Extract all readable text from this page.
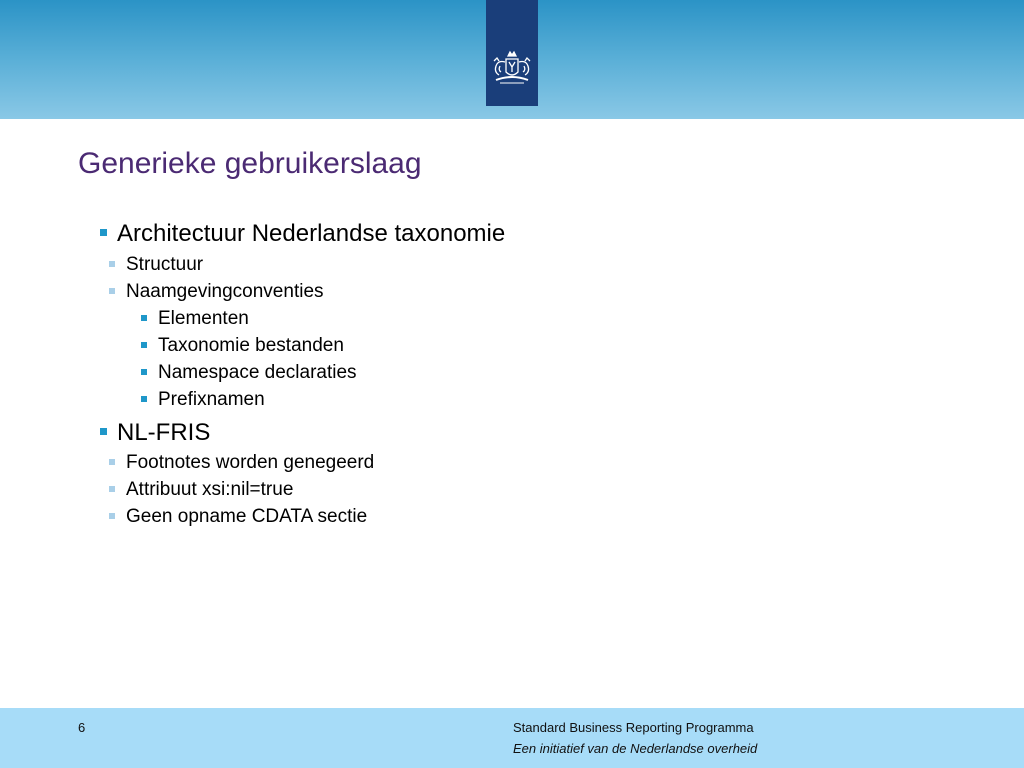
Generieke gebruikerslaag
Architectuur Nederlandse taxonomie
Structuur
Naamgevingconventies
Elementen
Taxonomie bestanden
Namespace declaraties
Prefixnamen
NL-FRIS
Footnotes worden genegeerd
Attribuut xsi:nil=true
Geen opname CDATA sectie
6	Standard Business Reporting Programma
Een initiatief van de Nederlandse overheid
